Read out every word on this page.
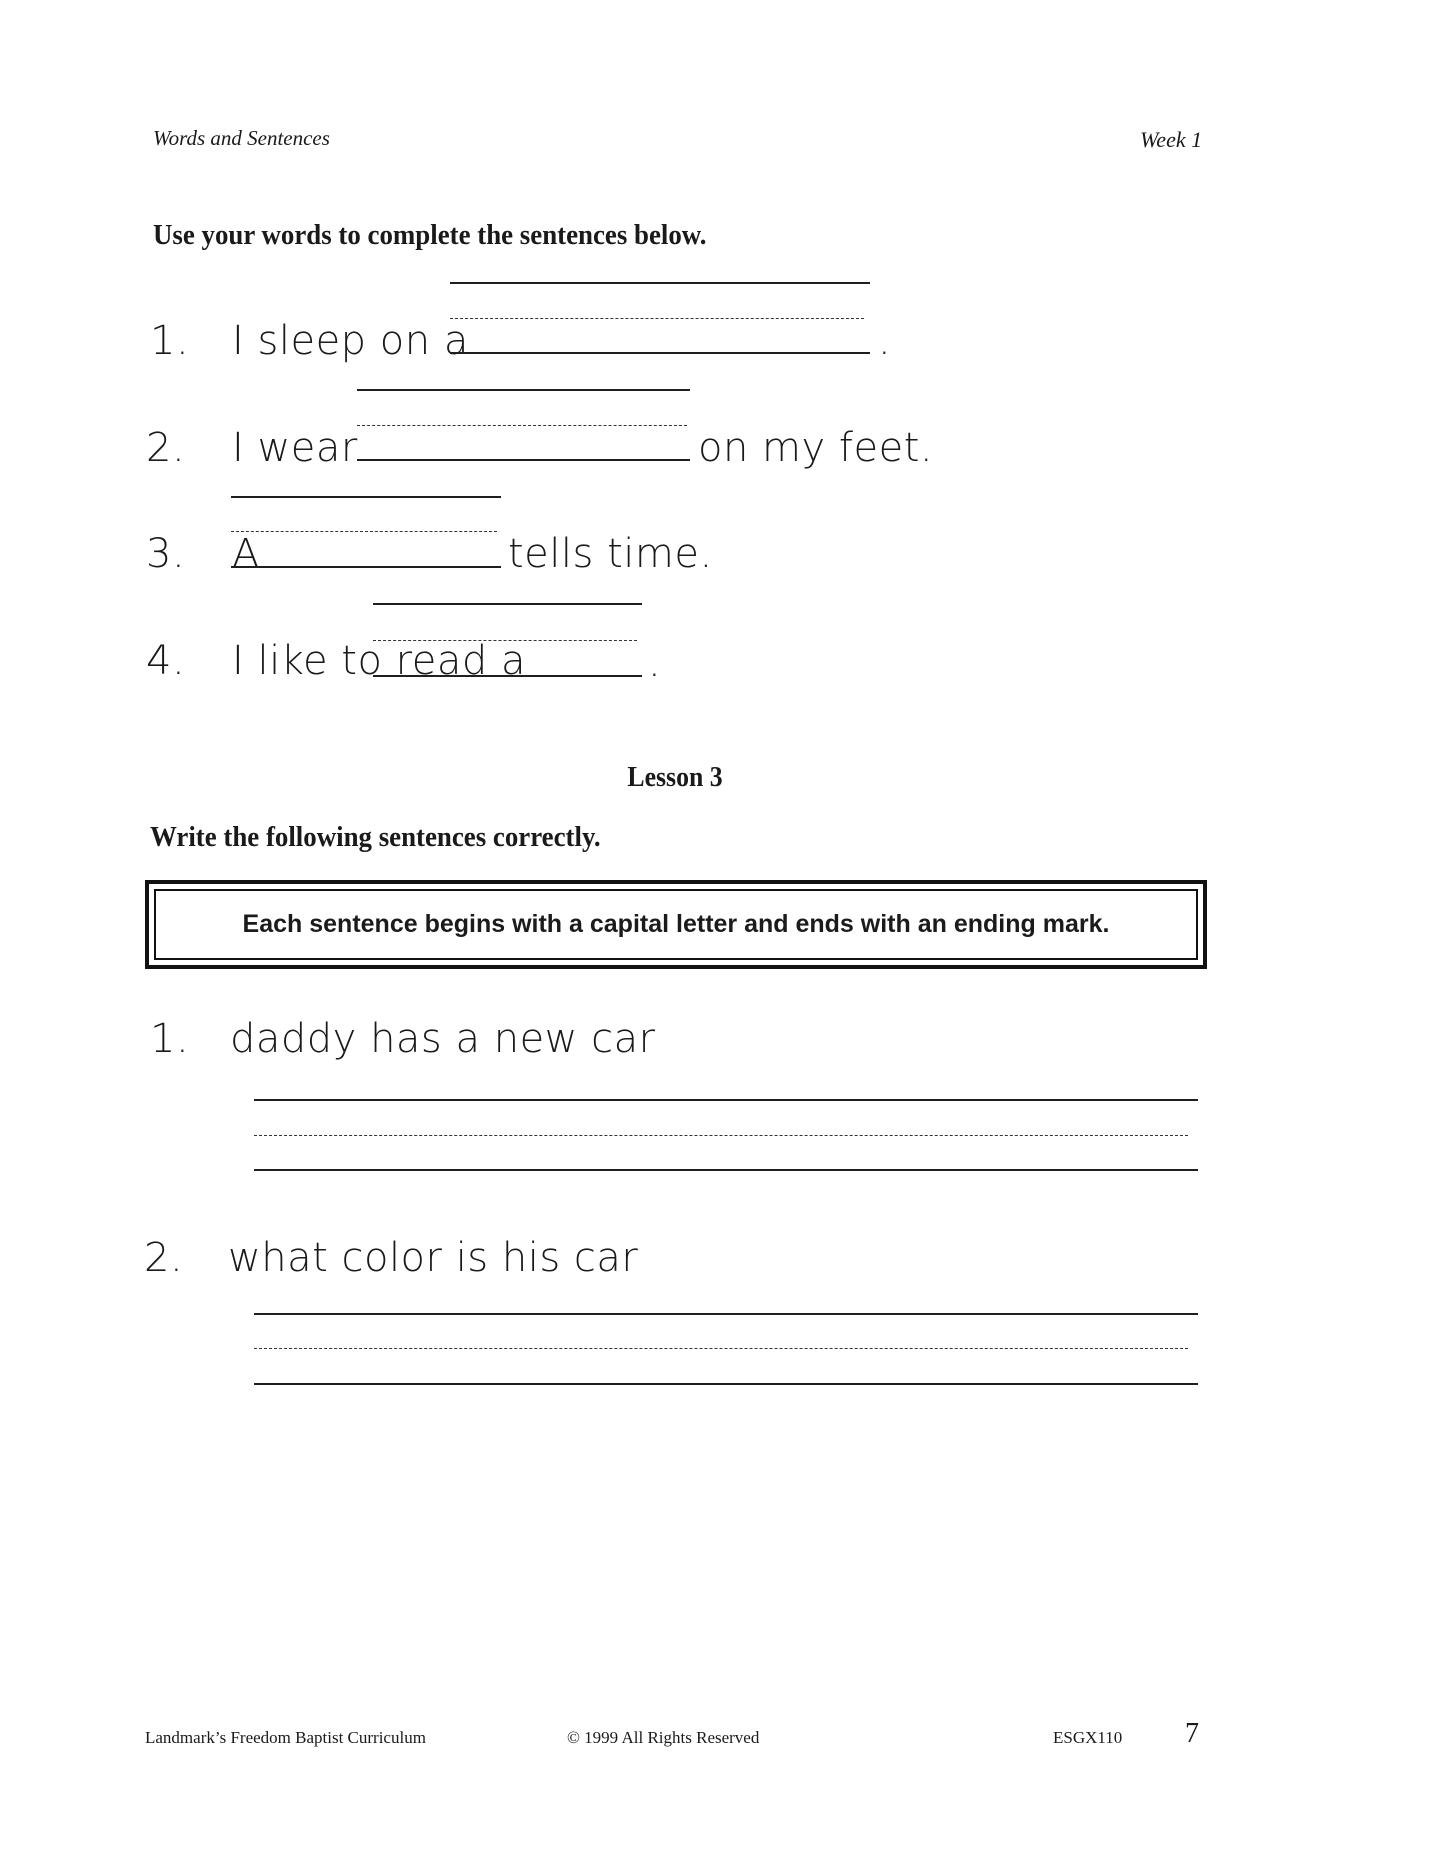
Words and Sentences	Week 1
Use your words to complete the sentences below.
1. I sleep on a	.
2. I wear	on my feet.
3. A	tells time.
4. I like to read a	.
Lesson 3
Write the following sentences correctly.
Each sentence begins with a capital letter and ends with an ending mark.
1. daddy has a new car
2. what color is his car
Landmark’s Freedom Baptist Curriculum	© 1999 All Rights Reserved	ESGX110 7
